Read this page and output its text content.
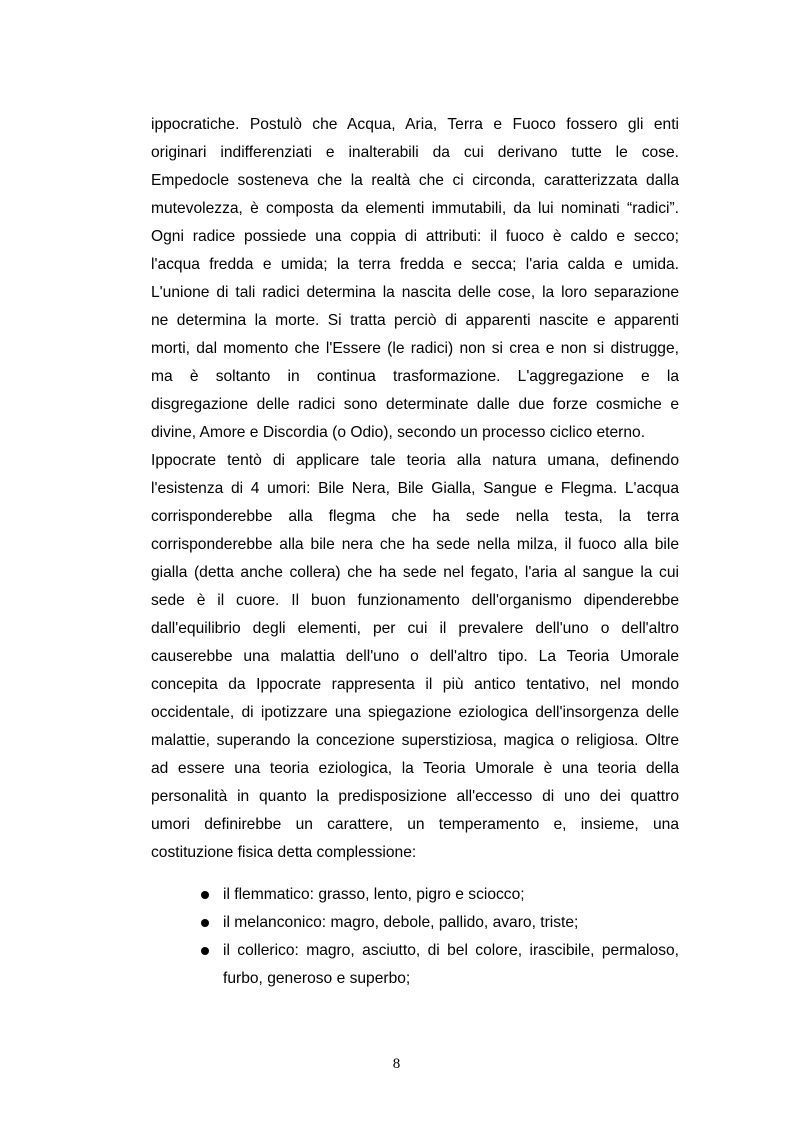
ippocratiche. Postulò che Acqua, Aria, Terra e Fuoco fossero gli enti
originari indifferenziati e inalterabili da cui derivano tutte le cose.
Empedocle sosteneva che la realtà che ci circonda, caratterizzata dalla
mutevolezza, è composta da elementi immutabili, da lui nominati “radici”.
Ogni radice possiede una coppia di attributi: il fuoco è caldo e secco;
l'acqua fredda e umida; la terra fredda e secca; l'aria calda e umida.
L'unione di tali radici determina la nascita delle cose, la loro separazione
ne determina la morte. Si tratta perciò di apparenti nascite e apparenti
morti, dal momento che l'Essere (le radici) non si crea e non si distrugge,
ma è soltanto in continua trasformazione. L'aggregazione e la
disgregazione delle radici sono determinate dalle due forze cosmiche e
divine, Amore e Discordia (o Odio), secondo un processo ciclico eterno.
Ippocrate tentò di applicare tale teoria alla natura umana, definendo
l'esistenza di 4 umori: Bile Nera, Bile Gialla, Sangue e Flegma. L'acqua
corrisponderebbe alla flegma che ha sede nella testa, la terra
corrisponderebbe alla bile nera che ha sede nella milza, il fuoco alla bile
gialla (detta anche collera) che ha sede nel fegato, l'aria al sangue la cui
sede è il cuore. Il buon funzionamento dell'organismo dipenderebbe
dall'equilibrio degli elementi, per cui il prevalere dell'uno o dell'altro
causerebbe una malattia dell'uno o dell'altro tipo. La Teoria Umorale
concepita da Ippocrate rappresenta il più antico tentativo, nel mondo
occidentale, di ipotizzare una spiegazione eziologica dell'insorgenza delle
malattie, superando la concezione superstiziosa, magica o religiosa. Oltre
ad essere una teoria eziologica, la Teoria Umorale è una teoria della
personalità in quanto la predisposizione all'eccesso di uno dei quattro
umori definirebbe un carattere, un temperamento e, insieme, una
costituzione fisica detta complessione:
il flemmatico: grasso, lento, pigro e sciocco;
il melanconico: magro, debole, pallido, avaro, triste;
il collerico: magro, asciutto, di bel colore, irascibile, permaloso,
furbo, generoso e superbo;
8
